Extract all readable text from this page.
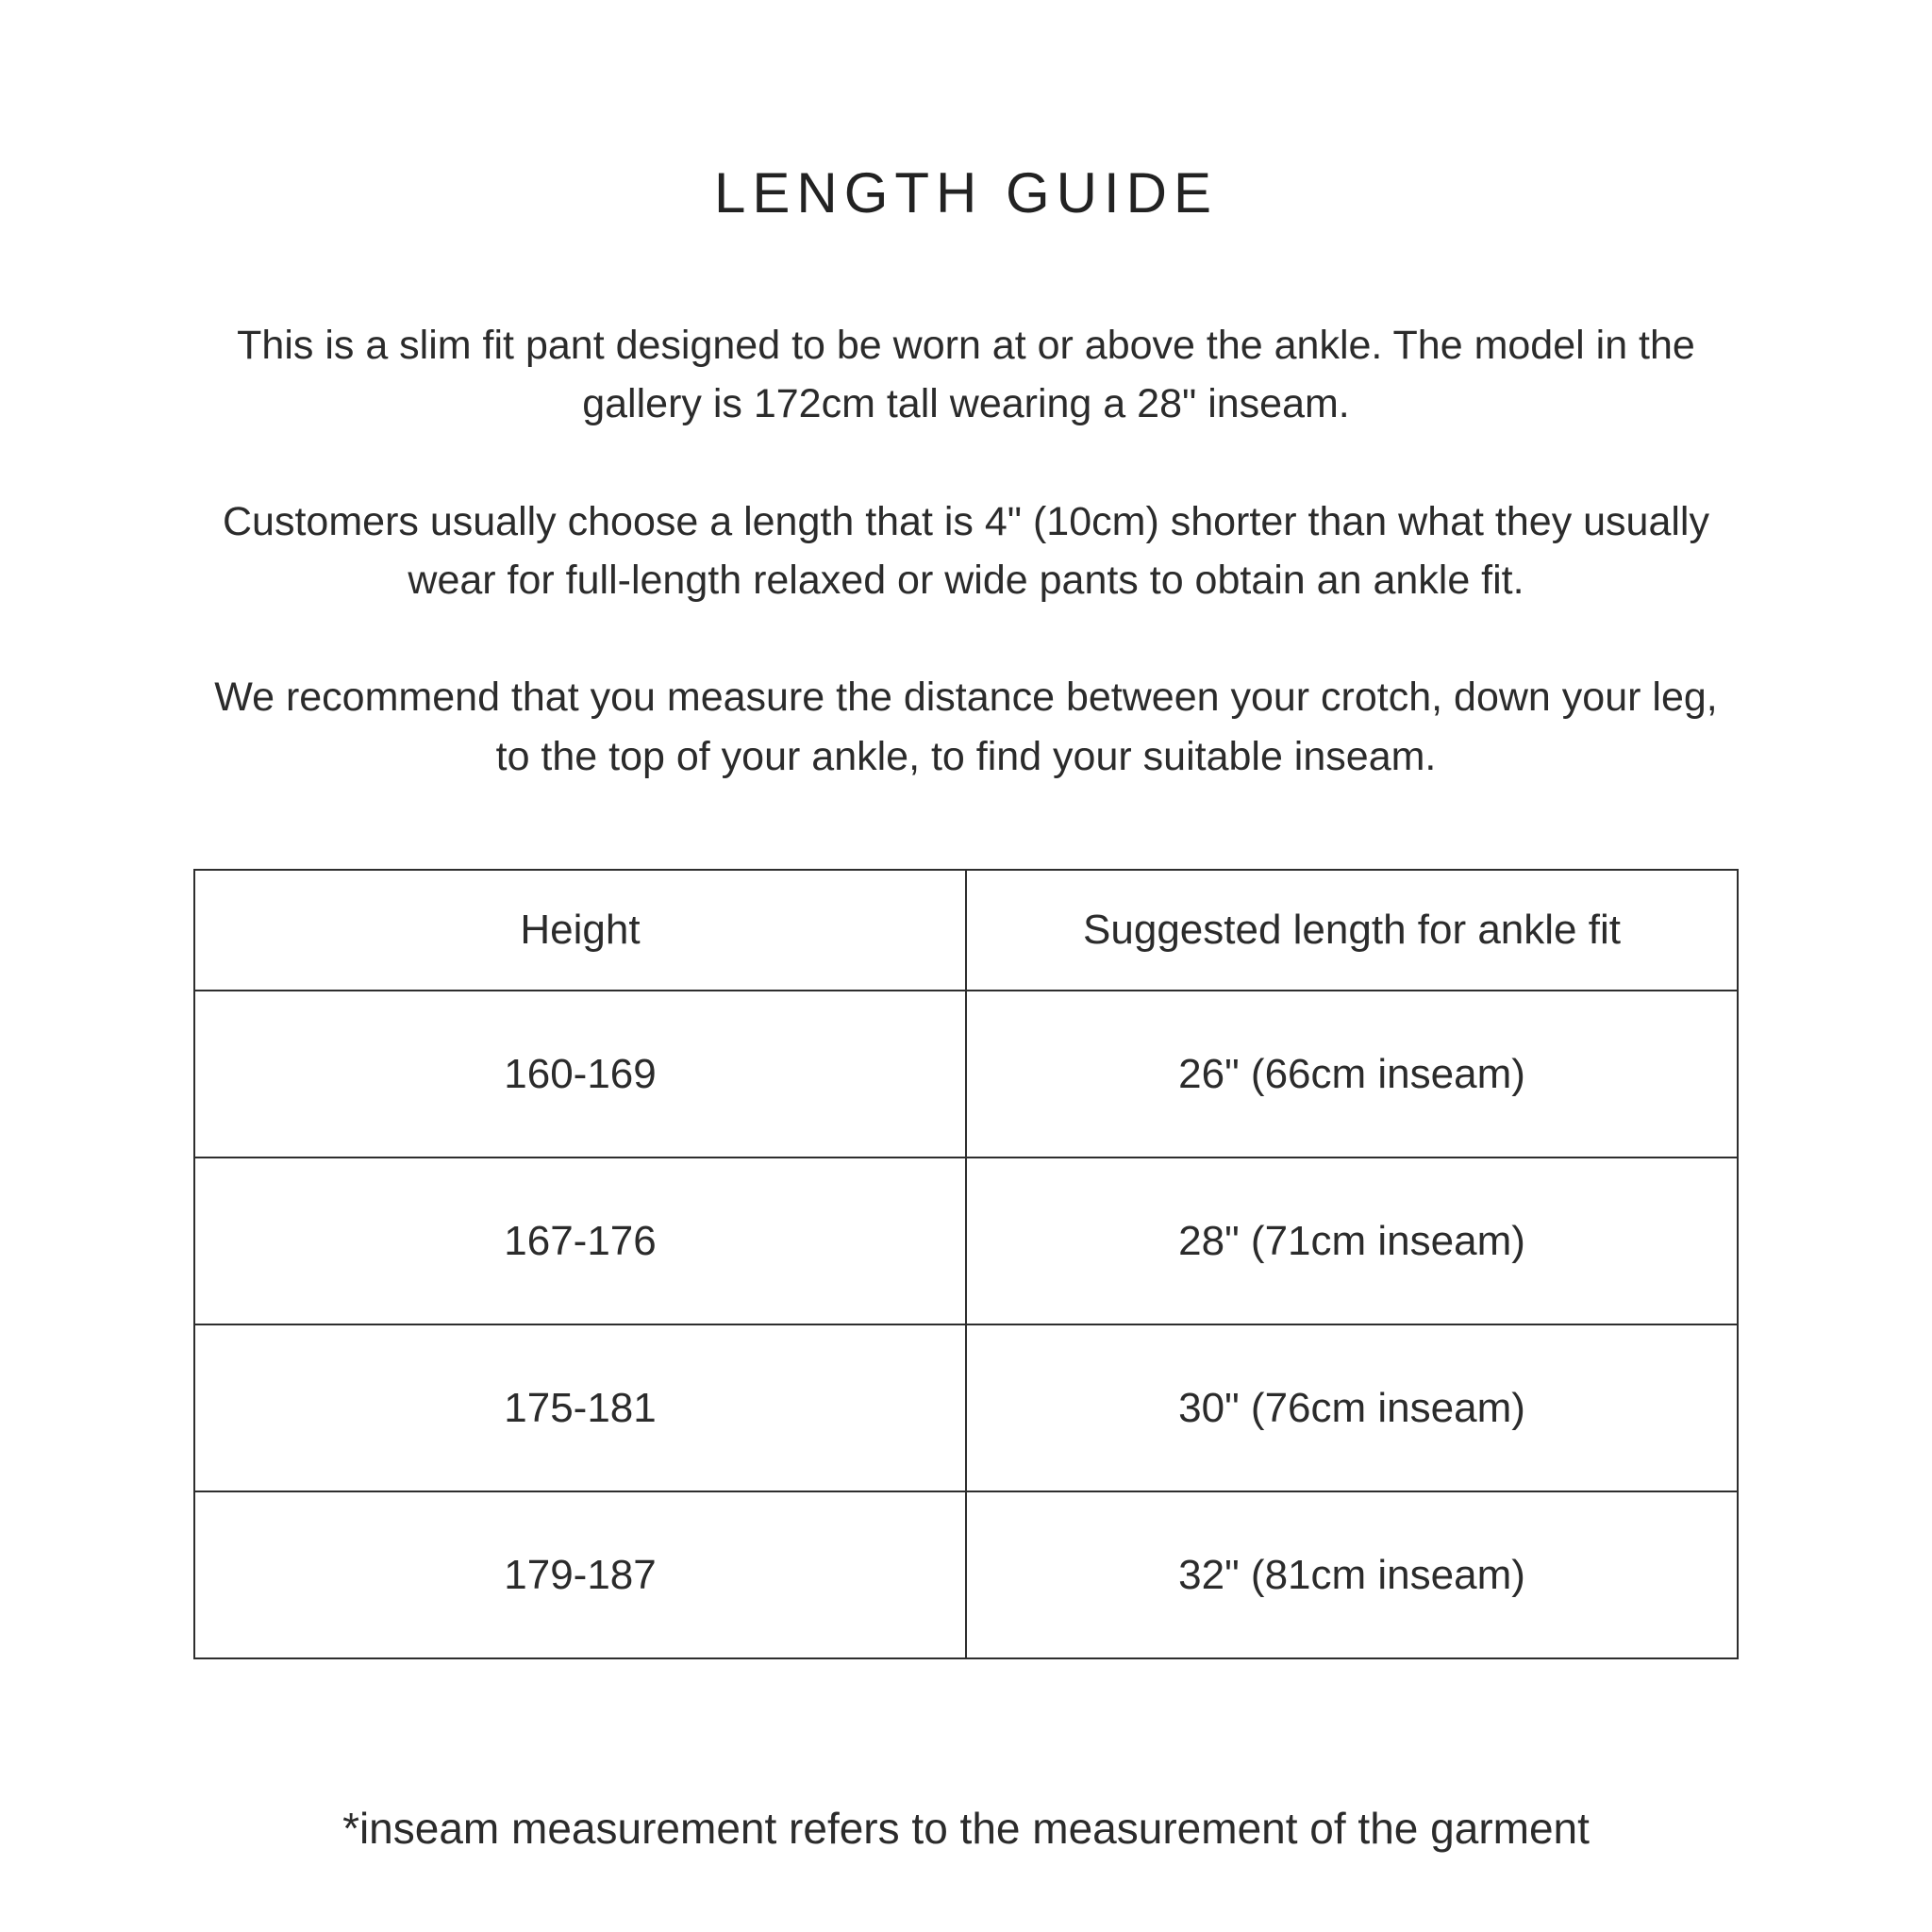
LENGTH GUIDE
This is a slim fit pant designed to be worn at or above the ankle. The model in the gallery is 172cm tall wearing a 28" inseam.
Customers usually choose a length that is 4" (10cm) shorter than what they usually wear for full-length relaxed or wide pants to obtain an ankle fit.
We recommend that you measure the distance between your crotch, down your leg, to the top of your ankle, to find your suitable inseam.
Height	Suggested length for ankle fit
160-169	26" (66cm inseam)
167-176	28" (71cm inseam)
175-181	30" (76cm inseam)
179-187	32" (81cm inseam)
*inseam measurement refers to the measurement of the garment
